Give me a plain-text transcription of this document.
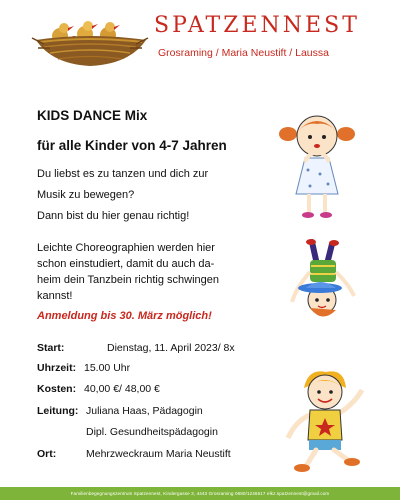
SPATZENNEST
Grosraming / Maria Neustift / Laussa
KIDS DANCE Mix
für alle Kinder von 4-7 Jahren
Du liebst es zu tanzen und dich zur
Musik zu bewegen?
Dann bist du hier genau richtig!
Leichte Choreographien werden hier
schon einstudiert, damit du auch da-
heim dein Tanzbein richtig schwingen
kannst!
Anmeldung bis 30. März möglich!
Start:	Dienstag, 11. April 2023/ 8x
Uhrzeit: 15.00 Uhr
Kosten: 40,00 €/ 48,00 €
Leitung: Juliana Haas, Pädagogin
Dipl. Gesundheitspädagogin
Ort:	Mehrzweckraum Maria Neustift
Familienbegegnungszentrum Spatzennest, Kindergasse 3, 4443 Grosraming 0680/1246617 elkz.spatzennest@gmail.com
